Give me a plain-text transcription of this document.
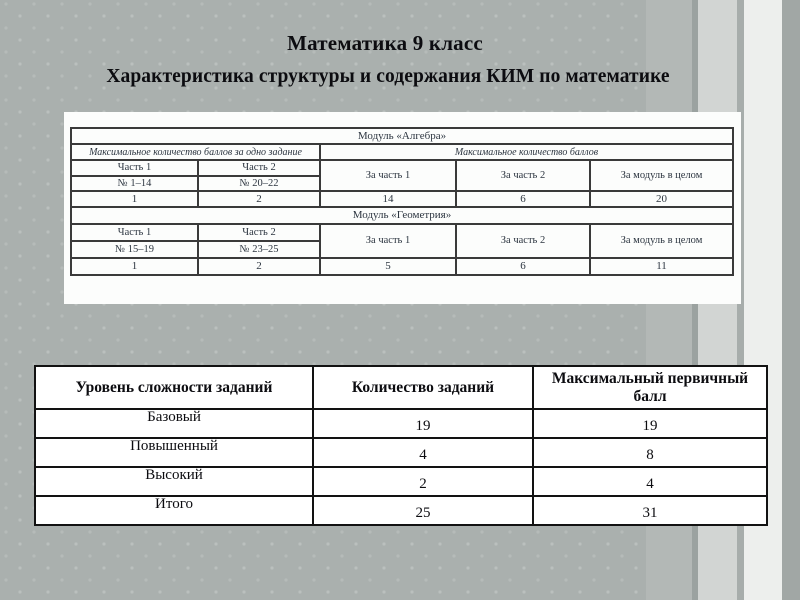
Математика 9 класс
Характеристика структуры и содержания КИМ по математике
Модуль «Алгебра»				
Максимальное количество баллов за одно задание		Максимальное количество баллов		
Часть 1	Часть 2	За часть 1	За часть 2	За модуль в целом
№ 1–14	№ 20–22			
1	2	14	6	20
Модуль «Геометрия»				
Часть 1	Часть 2	За часть 1	За часть 2	За модуль в целом
№ 15–19	№ 23–25			
1	2	5	6	11
Уровень сложности заданий	Количество заданий	Максимальный первичный балл
Базовый	19	19
Повышенный	4	8
Высокий	2	4
Итого	25	31
